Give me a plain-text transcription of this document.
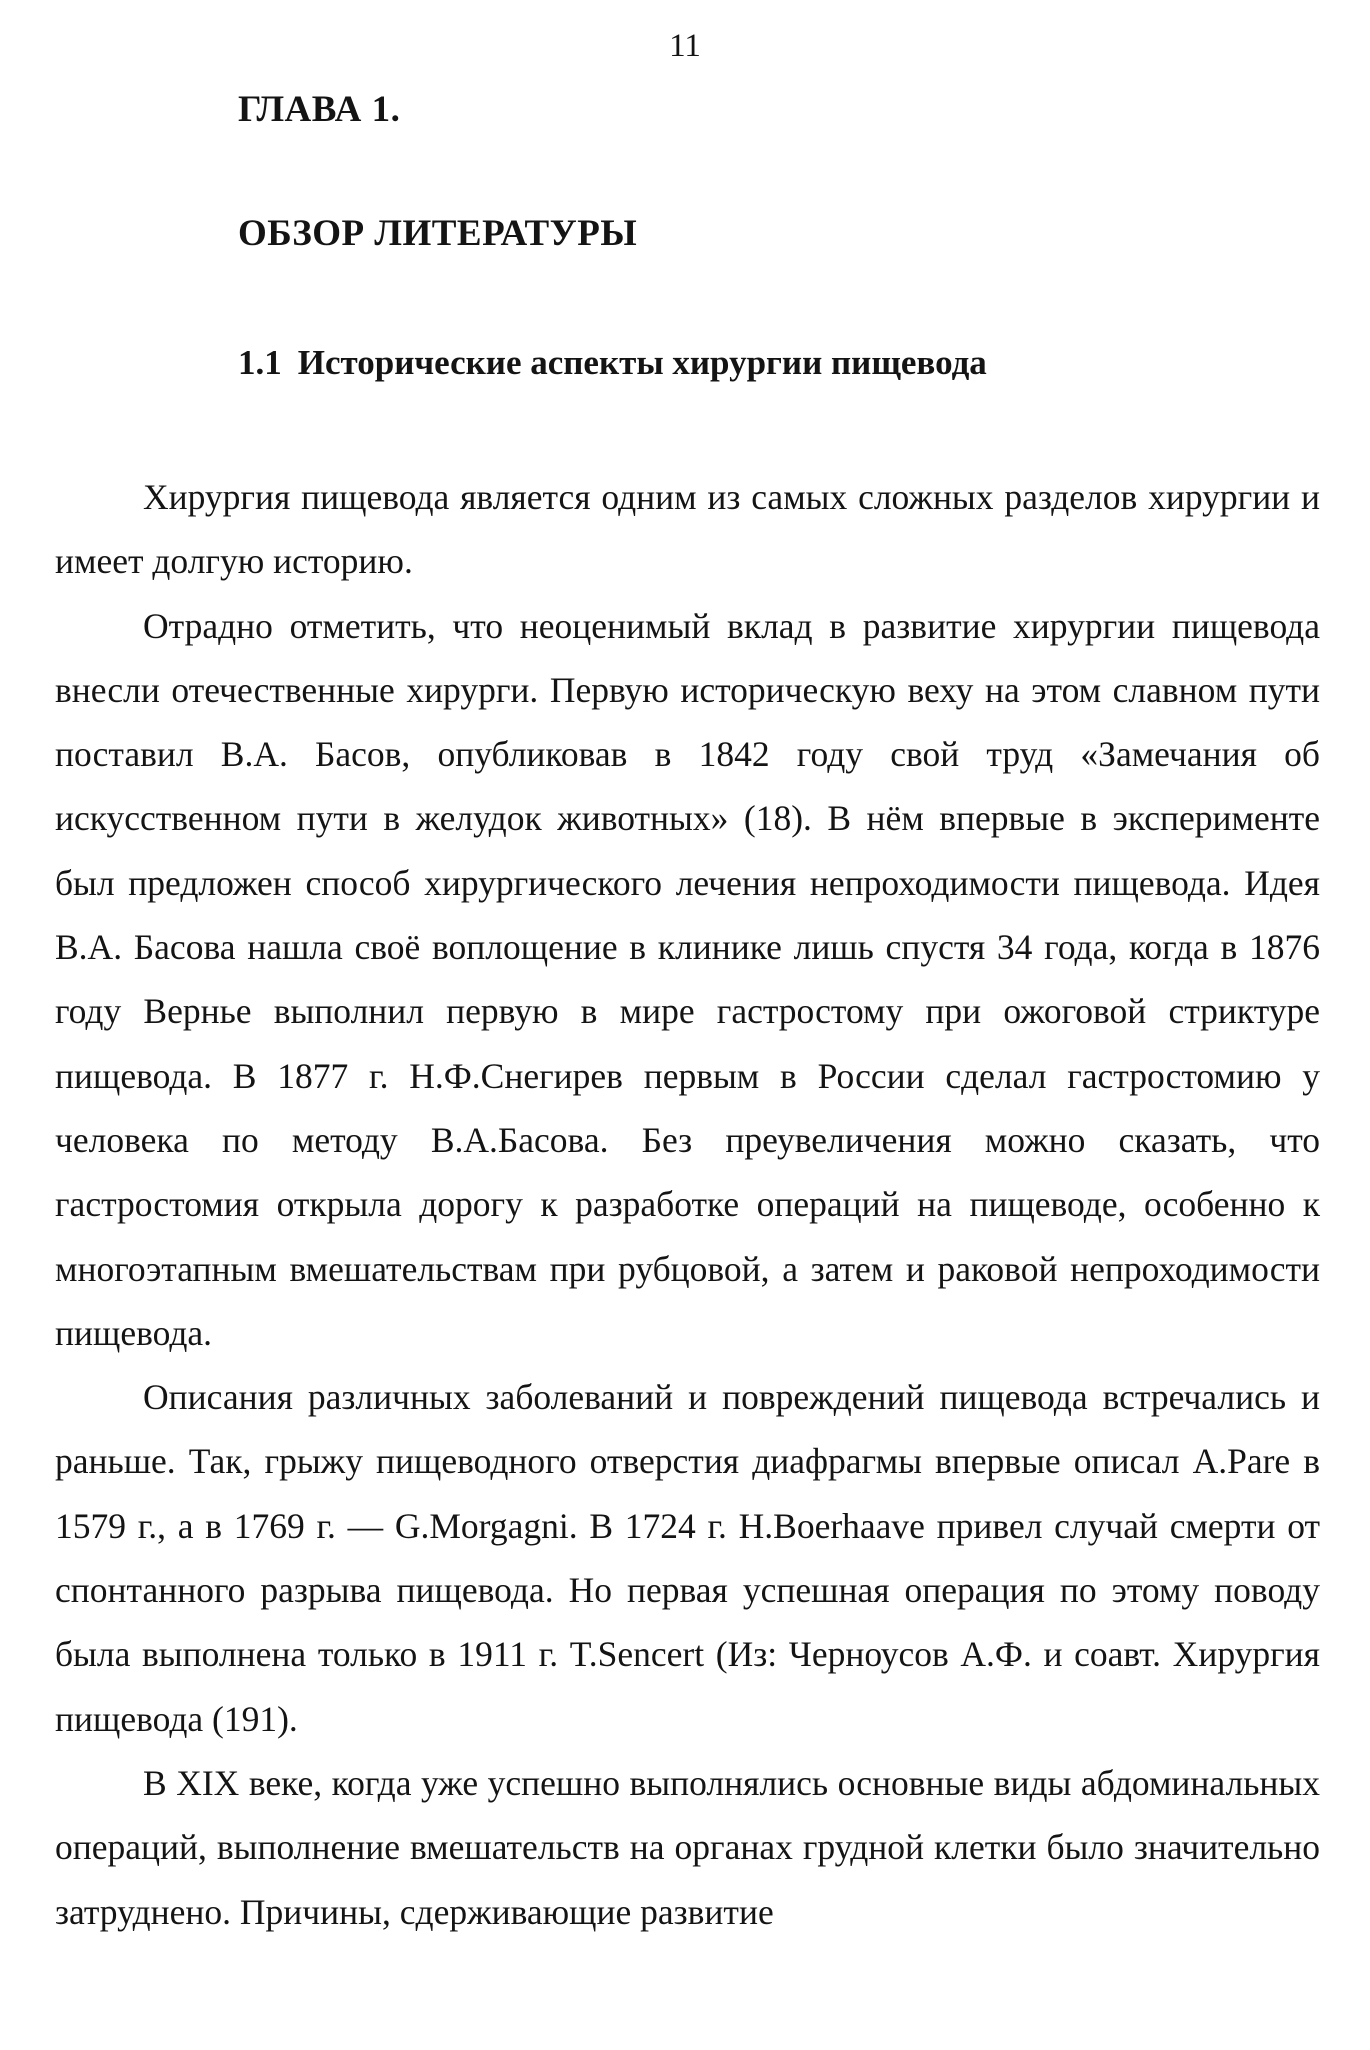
11
ГЛАВА 1.
ОБЗОР ЛИТЕРАТУРЫ
1.1 Исторические аспекты хирургии пищевода

Хирургия пищевода является одним из самых сложных разделов хирургии и имеет долгую историю.

Отрадно отметить, что неоценимый вклад в развитие хирургии пищевода внесли отечественные хирурги. Первую историческую веху на этом славном пути поставил В.А. Басов, опубликовав в 1842 году свой труд «Замечания об искусственном пути в желудок животных» (18). В нём впервые в эксперименте был предложен способ хирургического лечения непроходимости пищевода. Идея В.А. Басова нашла своё воплощение в клинике лишь спустя 34 года, когда в 1876 году Вернье выполнил первую в мире гастростому при ожоговой стриктуре пищевода. В 1877 г. Н.Ф.Снегирев первым в России сделал гастростомию у человека по методу В.А.Басова. Без преувеличения можно сказать, что гастростомия открыла дорогу к разработке операций на пищеводе, особенно к многоэтапным вмешательствам при рубцовой, а затем и раковой непроходимости пищевода.

Описания различных заболеваний и повреждений пищевода встречались и раньше. Так, грыжу пищеводного отверстия диафрагмы впервые описал A.Pare в 1579 г., а в 1769 г. — G.Morgagni. В 1724 г. H.Boerhaave привел случай смерти от спонтанного разрыва пищевода. Но первая успешная операция по этому поводу была выполнена только в 1911 г. T.Sencert (Из: Черноусов А.Ф. и соавт. Хирургия пищевода (191).

В XIX веке, когда уже успешно выполнялись основные виды абдоминальных операций, выполнение вмешательств на органах грудной клетки было значительно затруднено. Причины, сдерживающие развитие
